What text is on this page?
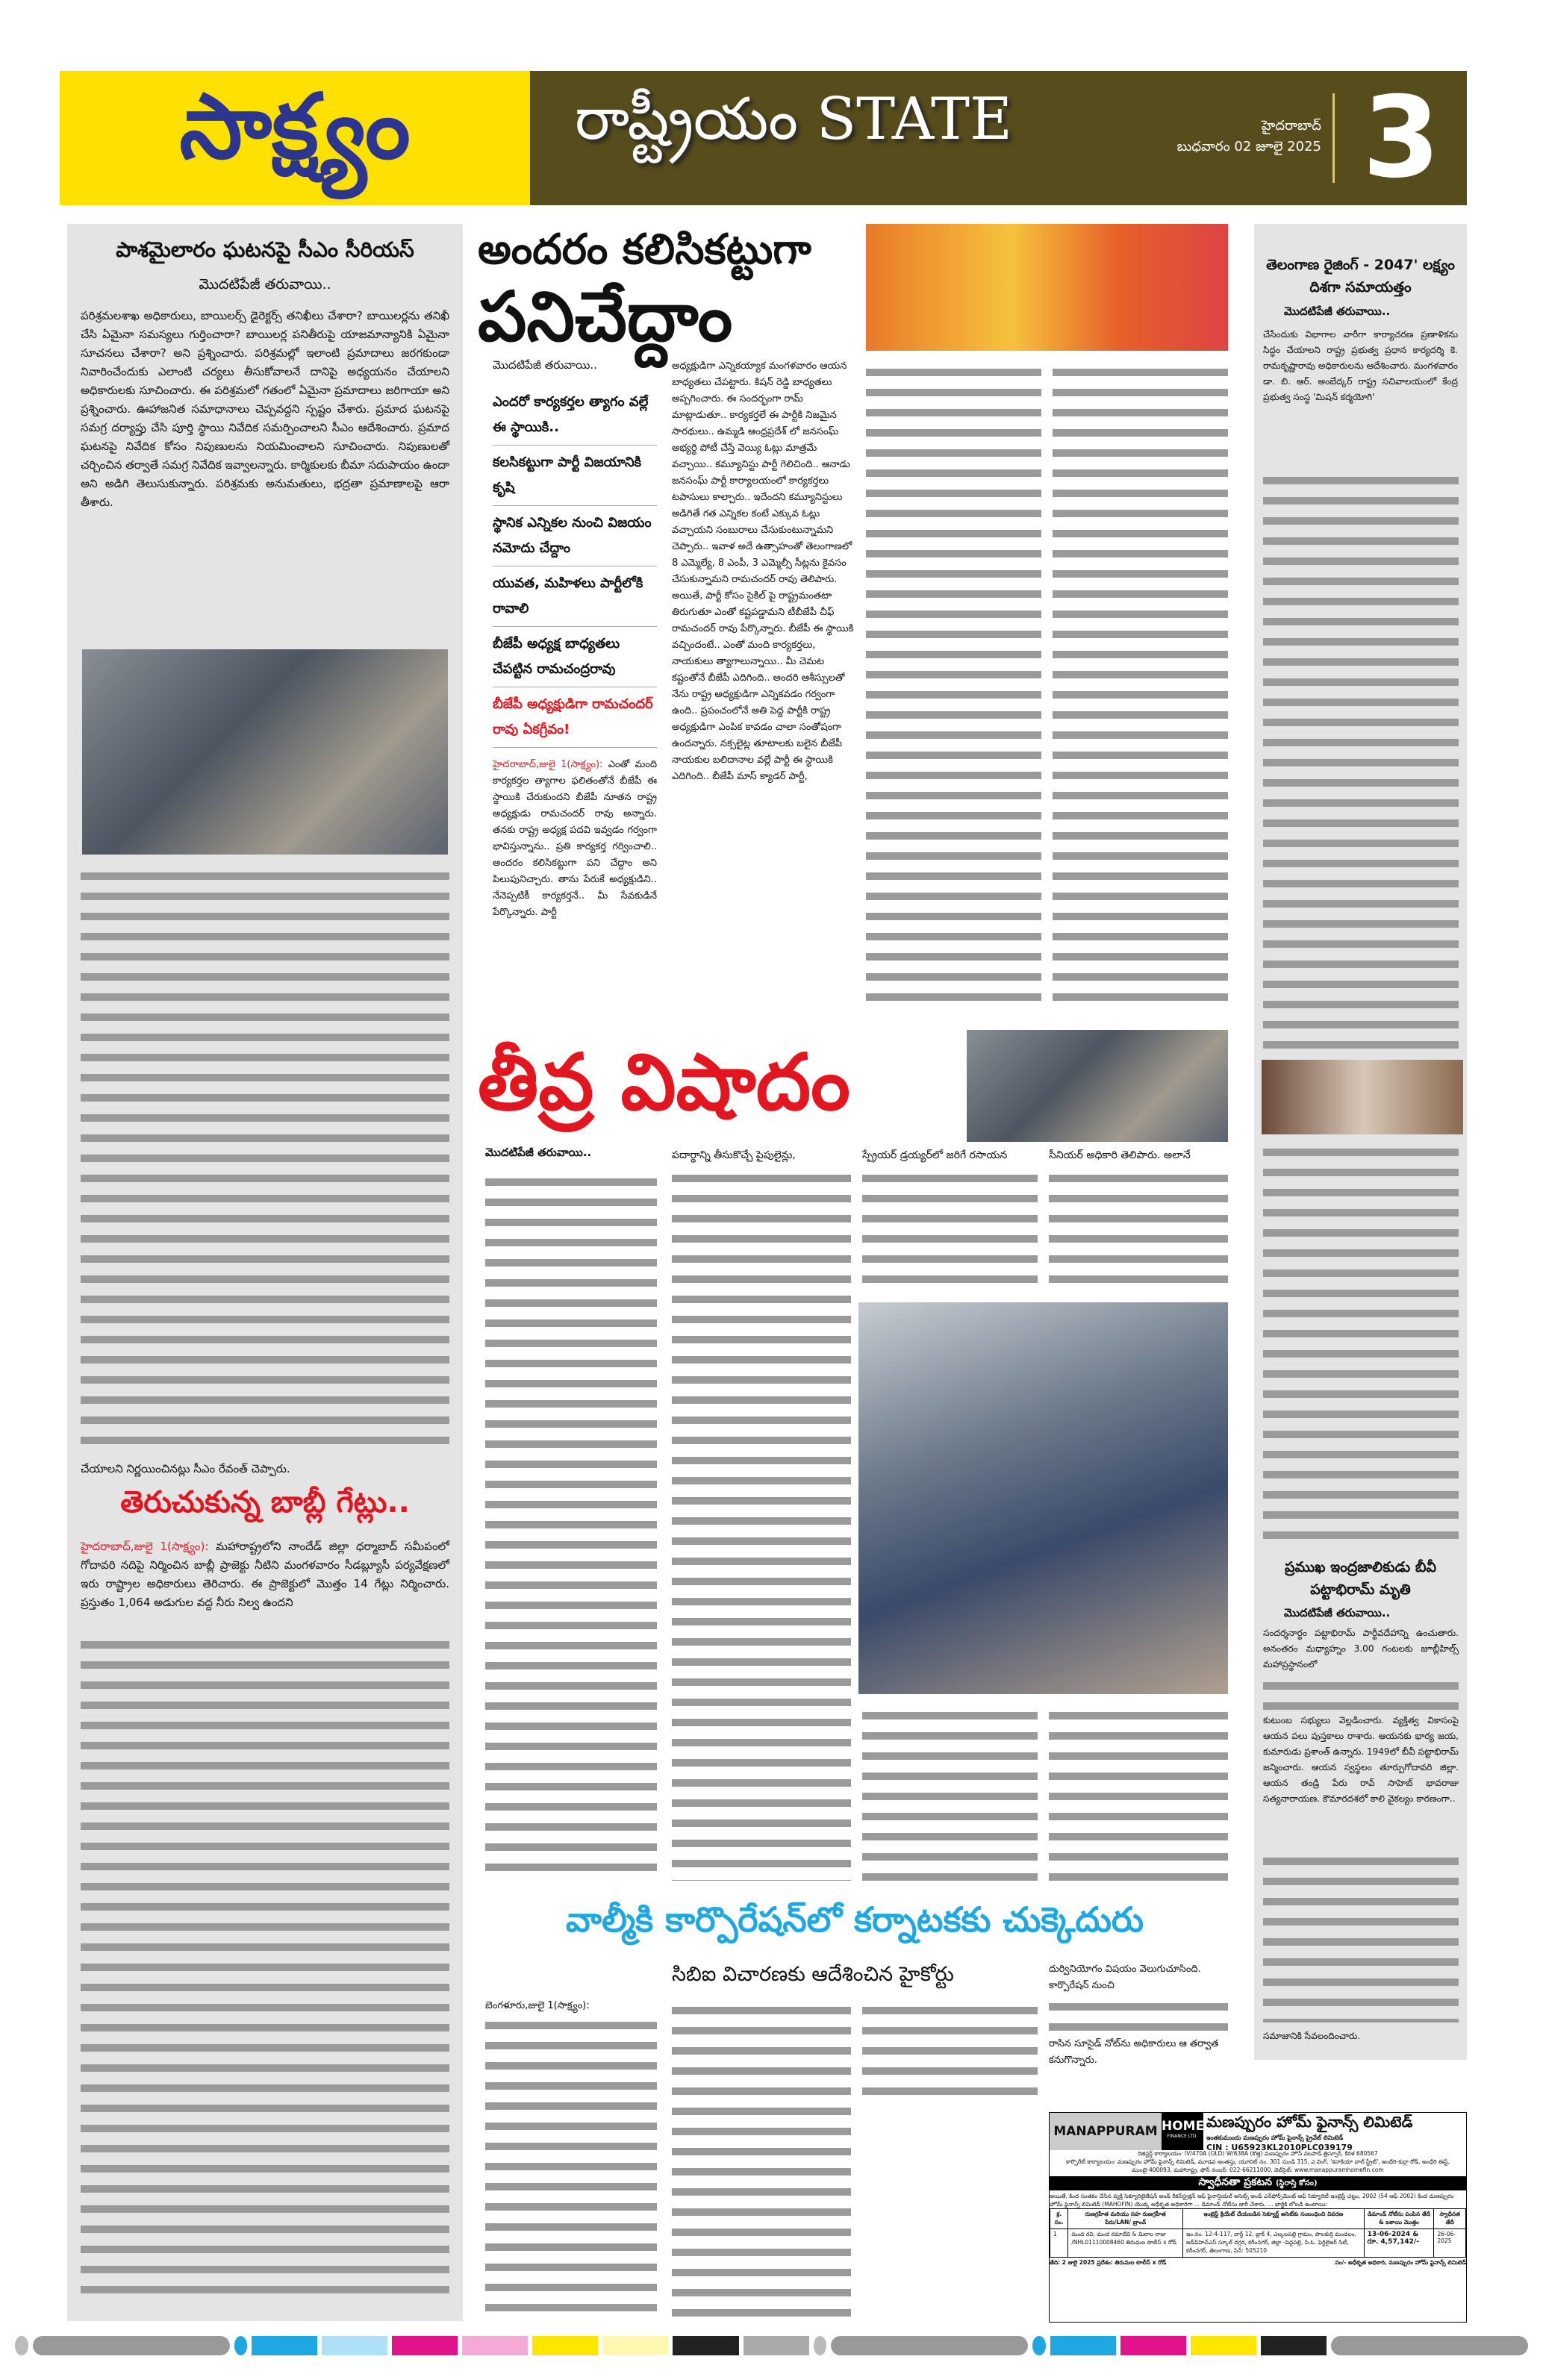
సాక్ష్యం	రాష్ట్రీయం STATE	హైదరాబాద్
బుధవారం 02 జూలై 2025 3
పాశమైలారం ఘటనపై సీఎం సీరియస్
మొదటిపేజీ తరువాయి..
పరిశ్రమలశాఖ అధికారులు, బాయిలర్స్ డైరెక్టర్స్ తనిఖీలు చేశారా? బాయిలర్లను తనిఖీ చేసి ఏమైనా సమస్యలు గుర్తించారా? బాయిలర్ల పనితీరుపై యాజమాన్యానికి ఏమైనా సూచనలు చేశారా? అని ప్రశ్నించారు. పరిశ్రమల్లో ఇలాంటి ప్రమాదాలు జరగకుండా నివారించేందుకు ఎలాంటి చర్యలు తీసుకోవాలనే దానిపై అధ్యయనం చేయాలని అధికారులకు సూచించారు. ఈ పరిశ్రమలో గతంలో ఏమైనా ప్రమాదాలు జరిగాయా అని ప్రశ్నించారు. ఊహాజనిత సమాధానాలు చెప్పవద్దని స్పష్టం చేశారు. ప్రమాద ఘటనపై సమగ్ర దర్యాప్తు చేసి పూర్తి స్థాయి నివేదిక సమర్పించాలని సీఎం ఆదేశించారు. ప్రమాద ఘటనపై నివేదిక కోసం నిపుణులను నియమించాలని సూచించారు. నిపుణులతో చర్చించిన తర్వాతే సమగ్ర నివేదిక ఇవ్వాలన్నారు. కార్మికులకు బీమా సదుపాయం ఉందా అని అడిగి తెలుసుకున్నారు. పరిశ్రమకు అనుమతులు, భద్రతా ప్రమాణాలపై ఆరా తీశారు.
చేయాలని నిర్ణయించినట్లు సీఎం రేవంత్ చెప్పారు.
తెరుచుకున్న బాబ్లీ గేట్లు..
హైదరాబాద్,జులై 1(సాక్ష్యం): మహారాష్ట్రలోని నాందేడ్ జిల్లా ధర్మాబాద్ సమీపంలో గోదావరి నదిపై నిర్మించిన బాబ్లీ ప్రాజెక్టు నీటిని మంగళవారం సీడబ్ల్యూసీ పర్యవేక్షణలో ఇరు రాష్ట్రాల అధికారులు తెరిచారు. ఈ ప్రాజెక్టులో మొత్తం 14 గేట్లు నిర్మించారు. ప్రస్తుతం 1,064 అడుగుల వద్ద నీరు నిల్వ ఉందని
అందరం కలిసికట్టుగా
పనిచేద్దాం
మొదటిపేజీ తరువాయి..
ఎందరో కార్యకర్తల త్యాగం వల్లే ఈ స్థాయికి..
కలసికట్టుగా పార్టీ విజయానికి కృషి
స్థానిక ఎన్నికల నుంచి విజయం నమోదు చేద్దాం
యువత, మహిళలు పార్టీలోకి రావాలి
బీజేపీ అధ్యక్ష బాధ్యతలు చేపట్టిన రామచంద్రరావు
బీజేపీ అధ్యక్షుడిగా రామచందర్ రావు ఏకగ్రీవం!
హైదరాబాద్,జులై 1(సాక్ష్యం): ఎంతో మంది కార్యకర్తల త్యాగాల ఫలితంతోనే బీజేపీ ఈ స్థాయికి చేరుకుందని బీజేపీ నూతన రాష్ట్ర అధ్యక్షుడు రామచందర్ రావు అన్నారు. తనకు రాష్ట్ర అధ్యక్ష పదవి ఇవ్వడం గర్వంగా భావిస్తున్నాను.. ప్రతి కార్యకర్త గర్వించాలి.. అందరం కలిసికట్టుగా పని చేద్దాం అని పిలుపునిచ్చారు. తాను పేరుకే అధ్యక్షుడిని.. నేనెప్పటికీ కార్యకర్తనే.. మీ సేవకుడినే పేర్కొన్నారు. పార్టీ
అధ్యక్షుడిగా ఎన్నికయ్యాక మంగళవారం ఆయన బాధ్యతలు చేపట్టారు. కిషన్ రెడ్డి బాధ్యతలు అప్పగించారు. ఈ సందర్భంగా రామ్ మాట్లాడుతూ.. కార్యకర్తలే ఈ పార్టీకి నిజమైన సారథులు.. ఉమ్మడి ఆంధ్రప్రదేశ్ లో జనసంఘ్ అభ్యర్థి పోటీ చేస్తే వెయ్యి ఓట్లు మాత్రమే వచ్చాయి.. కమ్యూనిస్టు పార్టీ గెలిచింది.. ఆనాడు జనసంఘ్ పార్టీ కార్యాలయంలో కార్యకర్తలు టపాసులు కాల్చారు.. ఇదేందని కమ్యూనిస్టులు అడిగితే గత ఎన్నికల కంటే ఎక్కువ ఓట్లు వచ్చాయని సంబురాలు చేసుకుంటున్నామని చెప్పారు.. ఇవాళ అదే ఉత్సాహంతో తెలంగాణలో 8 ఎమ్మెల్యే, 8 ఎంపీ, 3 ఎమ్మెల్సీ సీట్లను కైవసం చేసుకున్నామని రామచందర్ రావు తెలిపారు. అయితే, పార్టీ కోసం సైకిల్ పై రాష్ట్రమంతటా తిరుగుతూ ఎంతో కష్టపడ్డామని టీబీజేపీ చీఫ్ రామచందర్ రావు పేర్కొన్నారు. బీజేపీ ఈ స్థాయికి వచ్చిందంటే.. ఎంతో మంది కార్యకర్తలు, నాయకులు త్యాగాలున్నాయి.. మీ చెమట కష్టంతోనే బీజేపీ ఎదిగింది.. అందరి ఆశీస్సులతో నేను రాష్ట్ర అధ్యక్షుడిగా ఎన్నికవడం గర్వంగా ఉంది.. ప్రపంచంలోనే అతి పెద్ద పార్టీకి రాష్ట్ర అధ్యక్షుడిగా ఎంపిక కావడం చాలా సంతోషంగా ఉందన్నారు. నక్సలైట్ల తూటాలకు బలైన బీజేపీ నాయకుల బలిదానాల వల్లే పార్టీ ఈ స్థాయికి ఎదిగింది.. బీజేపీ మాస్ క్యాడర్ పార్టీ,
తీవ్ర విషాదం
మొదటిపేజీ తరువాయి..	పదార్థాన్ని తీసుకొచ్చే పైపులైన్లు,	స్ప్రేయర్ డ్రయ్యర్‌లో జరిగే రసాయన	సీనియర్ అధికారి తెలిపారు. అలానే
వాల్మీకి కార్పొరేషన్‌లో కర్నాటకకు చుక్కెదురు
సిబిఐ విచారణకు ఆదేశించిన హైకోర్టు	దుర్వినియోగం విషయం వెలుగుచూసింది. కార్పొరేషన్ నుంచి
బెంగళూరు,జులై 1(సాక్ష్యం):
రాసిన సూసైడ్ నోట్‌ను అధికారులు ఆ తర్వాత కనుగొన్నారు.
తెలంగాణ రైజింగ్ - 2047' లక్ష్యం దిశగా సమాయత్తం
మొదటిపేజీ తరువాయి..
చేసేందుకు విభాగాల వారీగా కార్యాచరణ ప్రణాళికను సిద్ధం చేయాలని రాష్ట్ర ప్రభుత్వ ప్రధాన కార్యదర్శి కె. రామకృష్ణారావు అధికారులను ఆదేశించారు. మంగళవారం డా. బి. ఆర్. అంబేద్కర్ రాష్ట్ర సచివాలయంలో కేంద్ర ప్రభుత్వ సంస్థ 'మిషన్ కర్మయోగి'
ప్రముఖ ఇంద్రజాలికుడు బీవీ పట్టాభిరామ్ మృతి
మొదటిపేజీ తరువాయి..
సందర్శనార్థం పట్టాభిరామ్ పార్థీవదేహాన్ని ఉంచుతారు. అనంతరం మధ్యాహ్నం 3.00 గంటలకు జూబ్లీహిల్స్ మహాప్రస్థానంలో
కుటుంబ సభ్యులు వెల్లడించారు. వ్యక్తిత్వ వికాసంపై ఆయన పలు పుస్తకాలు రాశారు. ఆయనకు భార్య జయ, కుమారుడు ప్రశాంత్ ఉన్నారు. 1949లో బీవీ పట్టాభిరామ్ జన్మించారు. ఆయన స్వస్థలం తూర్పుగోదావరి జిల్లా. ఆయన తండ్రి పేరు రావ్ సాహెబ్ భావరాజు సత్యనారాయణ. కౌమారదశలో కాలి వైకల్యం కారణంగా..
సమాజానికి సేవలందించారు.
MANAPPURAM HOME
FINANCE LTD.
మణప్పురం హోమ్ ఫైనాన్స్ లిమిటెడ్
ఇంతకుముందు మణప్పురం హోమ్ ఫైనాన్స్ ప్రైవేట్ లిమిటెడ్
CIN : U65923KL2010PLC039179
రిజిస్టర్డ్ కార్యాలయం: IV/470A (OLD) W/638A (కొత్త) మణప్పురం హౌస్ వలపాడ్ త్రిస్సూర్, కేరళ 680567
కార్పొరేట్ కార్యాలయం: మణప్పురం హోమ్ ఫైనాన్స్ లిమిటెడ్, మూడవ అంతస్తు, యూనిట్ నం. 301 నుండి 315, ఎ వింగ్, 'కనాకియా వాల్ స్ట్రీట్', అంధేరి-కుర్లా రోడ్, అంధేరి ఈస్ట్, ముంబై-400093, మహారాష్ట్ర, ఫోన్ నంబర్: 022-66211000, వెబ్‌సైట్: www.manappuramhomefin.com
స్వాధీనతా ప్రకటన (స్థిరాస్తి కోసం)
అయితే, కింద సంతకం చేసిన వ్యక్తి సెక్యూరిటైజేషన్ అండ్ రీకన్‌స్ట్రక్షన్ ఆఫ్ ఫైనాన్షియల్ అసెట్స్ అండ్ ఎన్‌ఫోర్స్‌మెంట్ ఆఫ్ సెక్యూరిటీ ఇంట్రెస్ట్ చట్టం, 2002 (54 ఆఫ్ 2002) కింద మణప్పురం హోమ్ ఫైనాన్స్ లిమిటెడ్ (MAHOFIN) యొక్క అధీకృత అధికారిగా ... డిమాండ్ నోటీసు జారీ చేశారు. ... భార్జికి లోబడి ఉంటాయి:
క్ర. సం.	రుణగ్రహీత మరియు సహ రుణగ్రహీత పేరు/LAN/ బ్రాంచ్	ఇంట్రెస్ట్ క్రియేట్ చేయబడిన సెక్యూర్డ్ అసెట్‌కు సంబంధించి వివరణ	డిమాండ్ నోటీసు పంపిన తేదీ & బకాయి మొత్తం	స్వాధీనత తేదీ
1	మంద రవి, మంద రమాదేవి & మిరాల రాజు /NHL01110008460 తిరుమల టాలీస్ x రోడ్	ఇం.నం. 12-4-117, వార్డ్ 12, బ్లాక్ 4, ఎల్కలపల్లి గ్రామం, పాలకుర్తి మండలం, జడ్‌పిహెచ్ఎస్ స్కూల్ దగ్గర, కరీంనగర్, జిల్లా -పెద్దపల్లి, పి.ఓ. ఫెర్టిలైజర్ సిటీ, కరీంనగర్, తెలంగాణ, పిన్: 505210	13-06-2024 & రూ. 4,57,142/-	26-06-2025
తేది: 2 జులై 2025 ప్రదేశం: తిరుమల టాలీస్ x రోడ్	సం/- అధీకృత అధికారి, మణప్పురం హోమ్ ఫైనాన్స్ లిమిటెడ్
